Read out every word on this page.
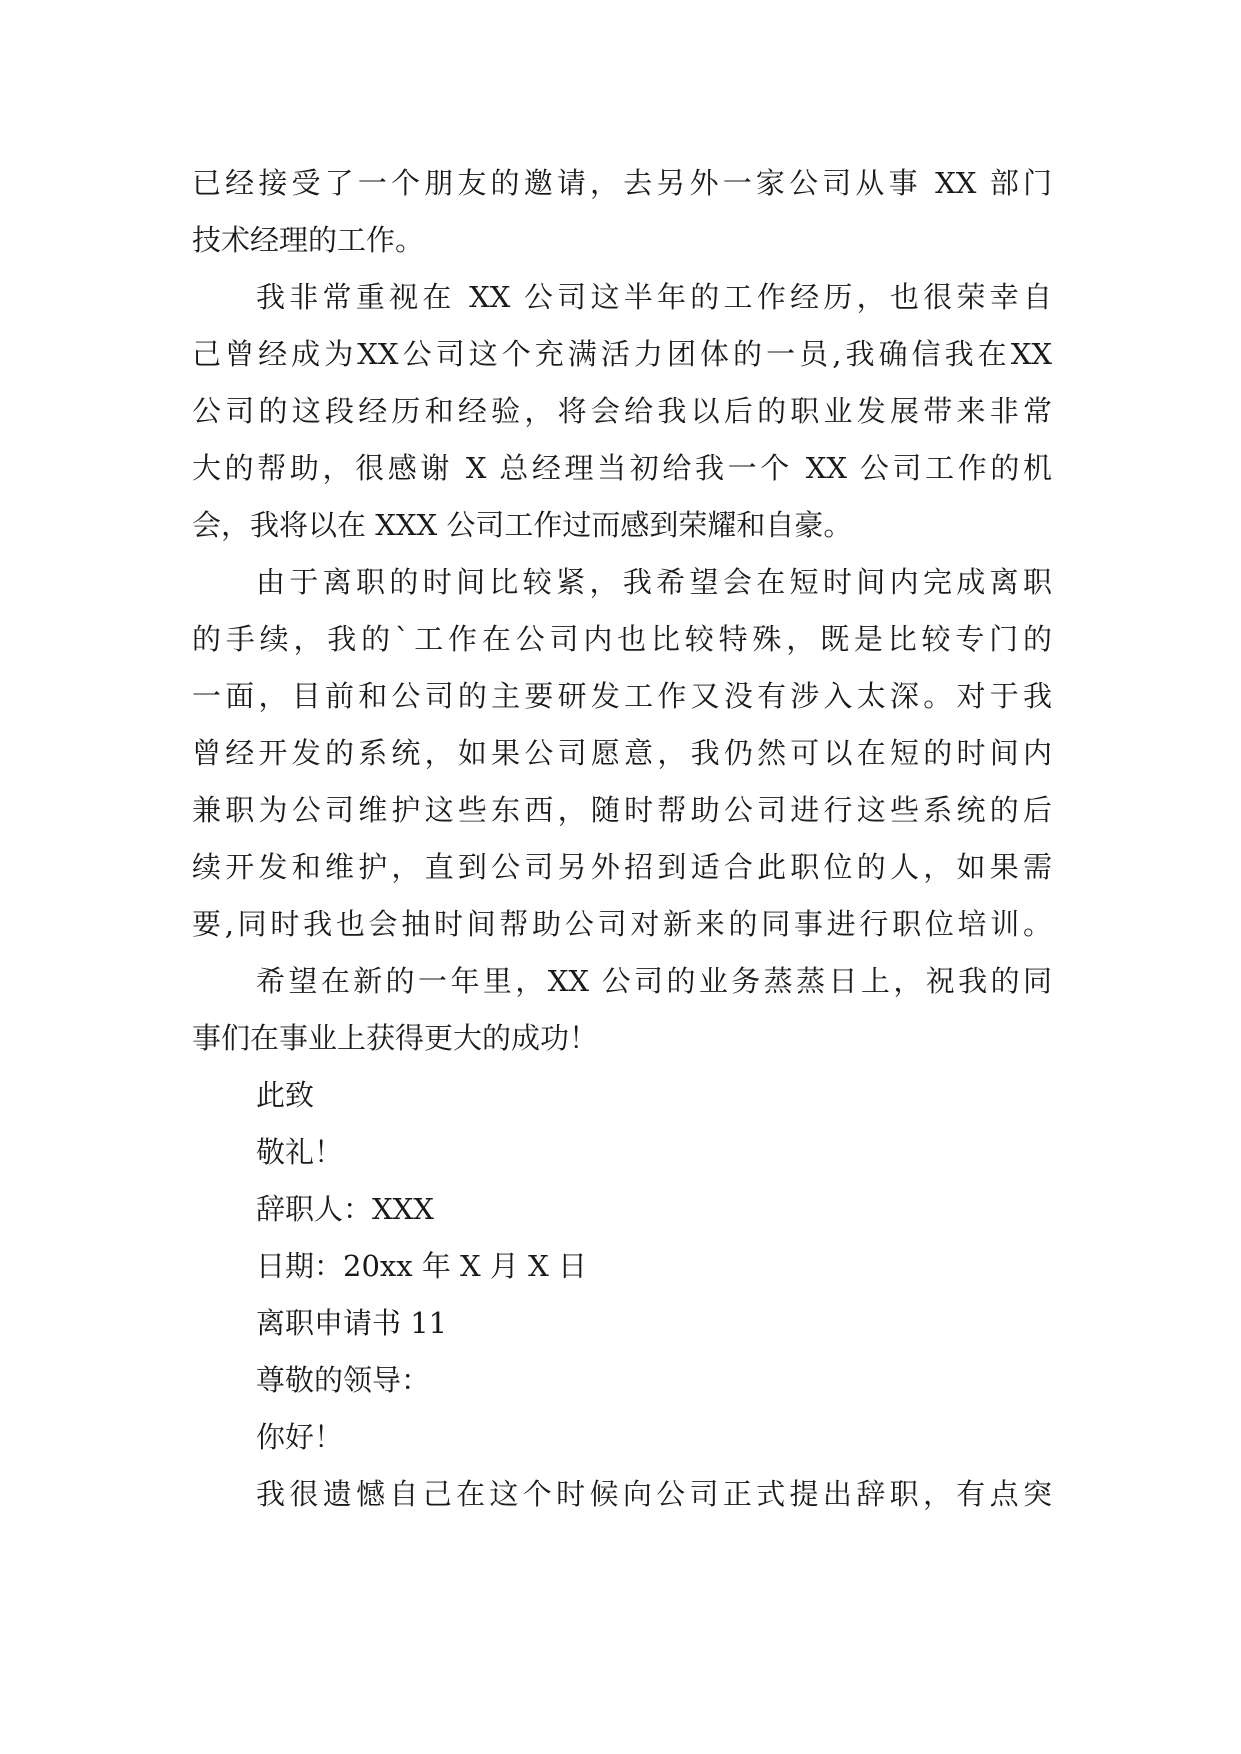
已经接受了一个朋友的邀请，去另外一家公司从事 XX 部门
技术经理的工作。
我非常重视在 XX 公司这半年的工作经历，也很荣幸自
己曾经成为XX公司这个充满活力团体的一员,我确信我在XX
公司的这段经历和经验，将会给我以后的职业发展带来非常
大的帮助，很感谢 X 总经理当初给我一个 XX 公司工作的机
会，我将以在 XXX 公司工作过而感到荣耀和自豪。
由于离职的时间比较紧，我希望会在短时间内完成离职
的手续，我的`工作在公司内也比较特殊，既是比较专门的
一面，目前和公司的主要研发工作又没有涉入太深。对于我
曾经开发的系统，如果公司愿意，我仍然可以在短的时间内
兼职为公司维护这些东西，随时帮助公司进行这些系统的后
续开发和维护，直到公司另外招到适合此职位的人，如果需
要,同时我也会抽时间帮助公司对新来的同事进行职位培训。
希望在新的一年里，XX 公司的业务蒸蒸日上，祝我的同
事们在事业上获得更大的成功！
此致
敬礼！
辞职人：XXX
日期：20xx 年 X 月 X 日
离职申请书 11
尊敬的领导：
你好！
我很遗憾自己在这个时候向公司正式提出辞职，有点突
